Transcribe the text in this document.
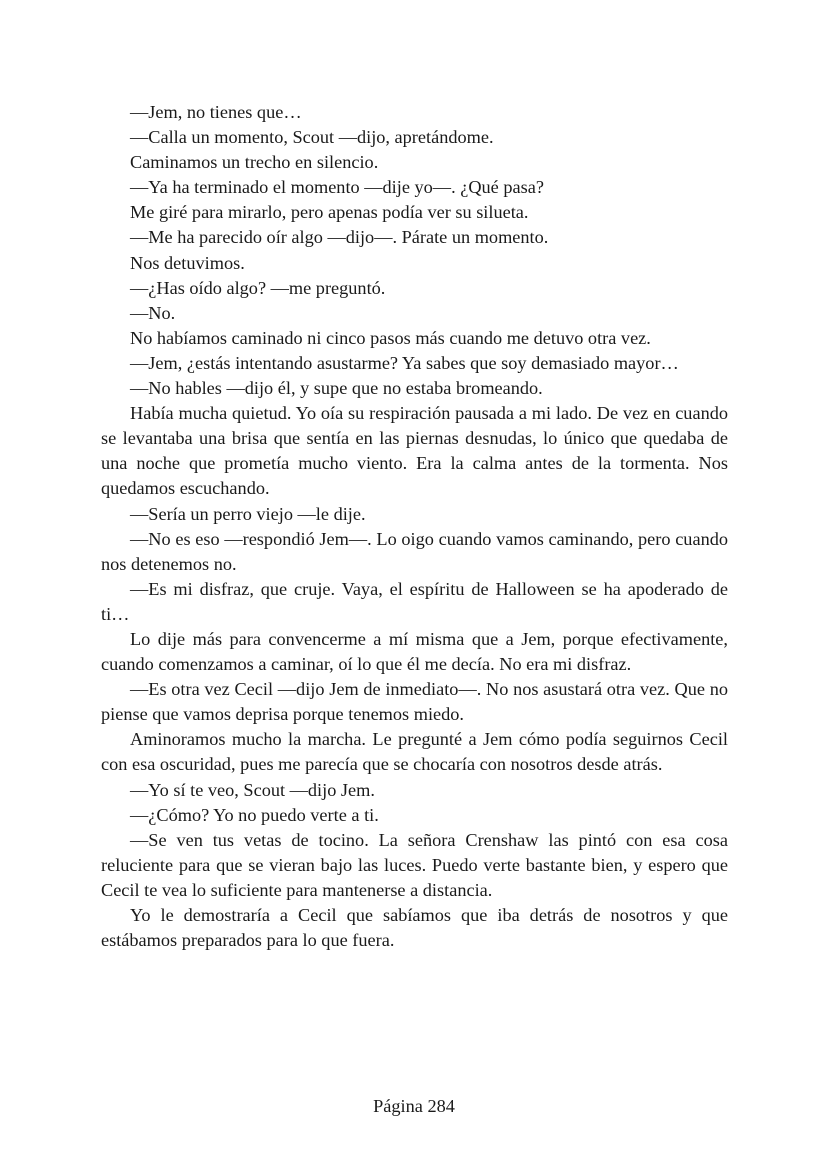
—Jem, no tienes que…

—Calla un momento, Scout —dijo, apretándome.

Caminamos un trecho en silencio.

—Ya ha terminado el momento —dije yo—. ¿Qué pasa?

Me giré para mirarlo, pero apenas podía ver su silueta.

—Me ha parecido oír algo —dijo—. Párate un momento.

Nos detuvimos.

—¿Has oído algo? —me preguntó.

—No.

No habíamos caminado ni cinco pasos más cuando me detuvo otra vez.

—Jem, ¿estás intentando asustarme? Ya sabes que soy demasiado mayor…

—No hables —dijo él, y supe que no estaba bromeando.

Había mucha quietud. Yo oía su respiración pausada a mi lado. De vez en cuando se levantaba una brisa que sentía en las piernas desnudas, lo único que quedaba de una noche que prometía mucho viento. Era la calma antes de la tormenta. Nos quedamos escuchando.

—Sería un perro viejo —le dije.

—No es eso —respondió Jem—. Lo oigo cuando vamos caminando, pero cuando nos detenemos no.

—Es mi disfraz, que cruje. Vaya, el espíritu de Halloween se ha apoderado de ti…

Lo dije más para convencerme a mí misma que a Jem, porque efectivamente, cuando comenzamos a caminar, oí lo que él me decía. No era mi disfraz.

—Es otra vez Cecil —dijo Jem de inmediato—. No nos asustará otra vez. Que no piense que vamos deprisa porque tenemos miedo.

Aminoramos mucho la marcha. Le pregunté a Jem cómo podía seguirnos Cecil con esa oscuridad, pues me parecía que se chocaría con nosotros desde atrás.

—Yo sí te veo, Scout —dijo Jem.

—¿Cómo? Yo no puedo verte a ti.

—Se ven tus vetas de tocino. La señora Crenshaw las pintó con esa cosa reluciente para que se vieran bajo las luces. Puedo verte bastante bien, y espero que Cecil te vea lo suficiente para mantenerse a distancia.

Yo le demostraría a Cecil que sabíamos que iba detrás de nosotros y que estábamos preparados para lo que fuera.

Página 284
